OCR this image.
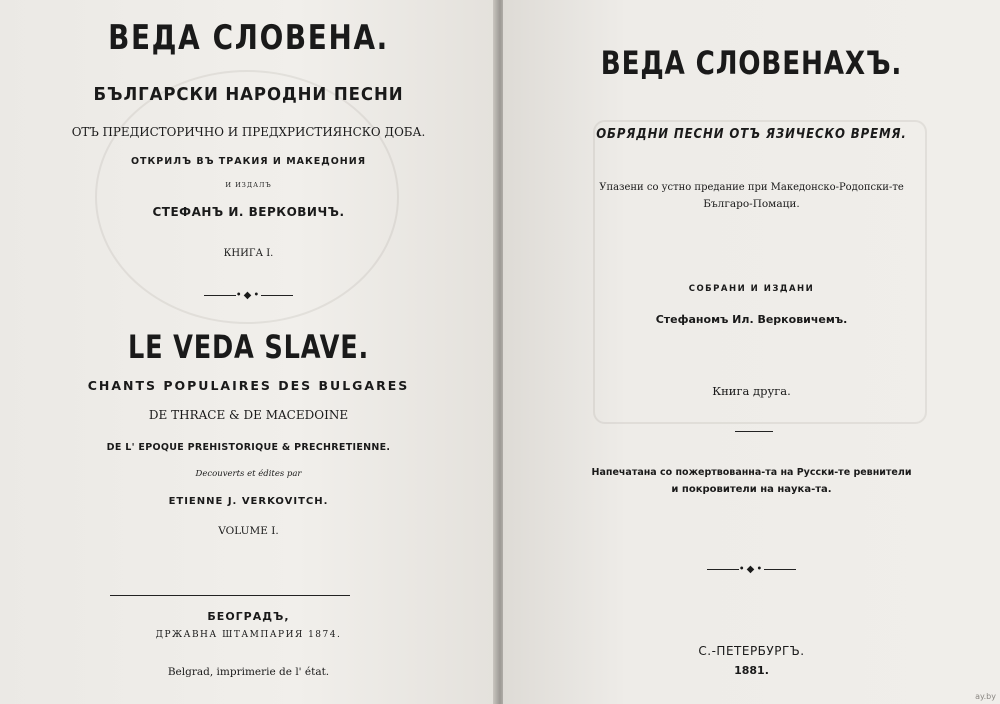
ВЕДА СЛОВЕНА.

БЪЛГАРСКИ НАРОДНИ ПЕСНИ

ОТЪ ПРЕДИСТОРИЧНО И ПРЕДХРИСТИЯНСКО ДОБА.

ОТКРИЛЪ ВЪ ТРАКИЯ И МАКЕДОНИЯ

И ИЗДАЛЪ

СТЕФАНЪ И. ВЕРКОВИЧЪ.

КНИГА I.

•◆•

LE VEDA SLAVE.

CHANTS POPULAIRES DES BULGARES

DE THRACE & DE MACEDOINE

DE L' EPOQUE PREHISTORIQUE & PRECHRETIENNE.

Decouverts et édites par

ETIENNE J. VERKOVITCH.

VOLUME I.

БЕОГРАДЪ,

ДРЖАВНА ШТАМПАРИЯ 1874.

Belgrad, imprimerie de l' état.

ВЕДА СЛОВЕНАХЪ.

ОБРЯДНИ ПЕСНИ ОТЪ ЯЗИЧЕСКО ВРЕМЯ.

Упазени со устно предание при Македонско-Родопски-те

Българо-Помаци.

СОБРАНИ И ИЗДАНИ

Стефаномъ Ил. Верковичемъ.

Книга друга.

Напечатана со пожертвованна-та на Русски-те ревнители

и покровители на наука-та.

•◆•

С.-ПЕТЕРБУРГЪ.

1881.

ay.by
